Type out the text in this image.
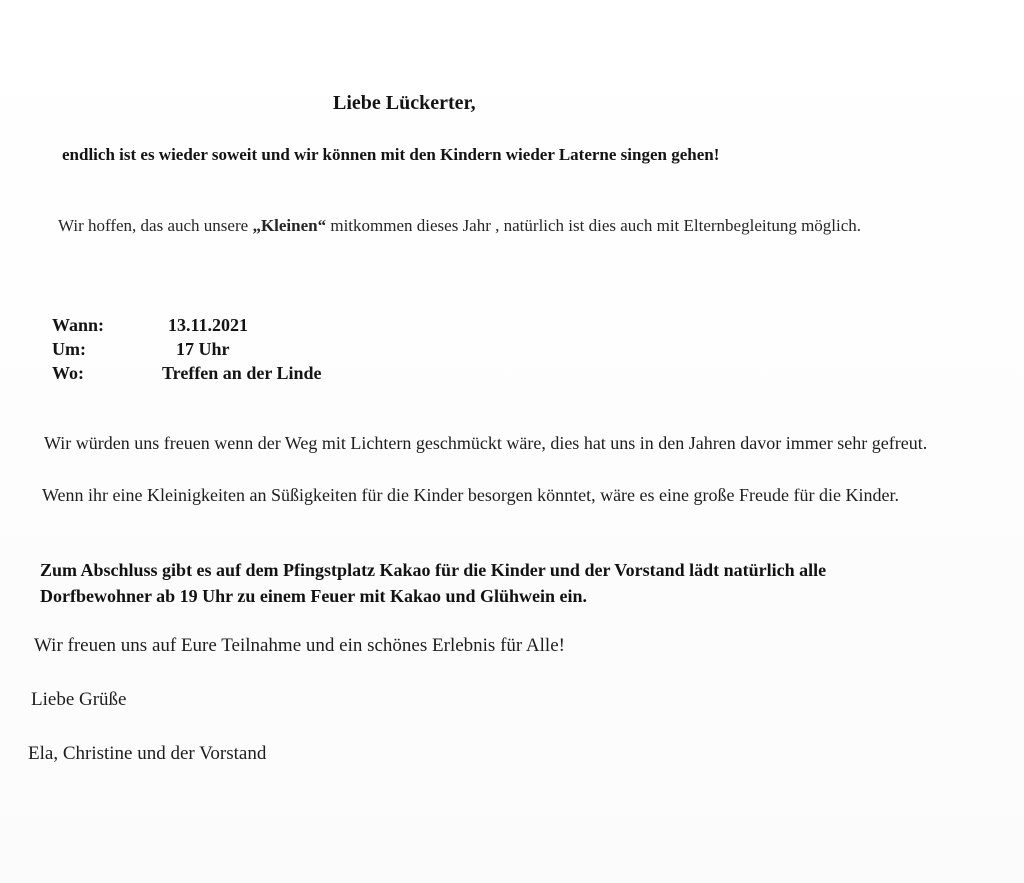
Liebe Lückerter,
endlich ist es wieder soweit und wir können mit den Kindern wieder Laterne singen gehen!
Wir hoffen, das auch unsere „Kleinen“ mitkommen dieses Jahr , natürlich ist dies auch mit Elternbegleitung möglich.
Wann:	13.11.2021
Um:	17 Uhr
Wo:	Treffen an der Linde
Wir würden uns freuen wenn der Weg mit Lichtern geschmückt wäre, dies hat uns in den Jahren davor immer sehr gefreut.
Wenn ihr eine Kleinigkeiten an Süßigkeiten für die Kinder besorgen könntet, wäre es eine große Freude für die Kinder.
Zum Abschluss gibt es auf dem Pfingstplatz Kakao für die Kinder und der Vorstand lädt natürlich alle Dorfbewohner ab 19 Uhr zu einem Feuer mit Kakao und Glühwein ein.
Wir freuen uns auf Eure Teilnahme und ein schönes Erlebnis für Alle!
Liebe Grüße
Ela, Christine und der Vorstand
